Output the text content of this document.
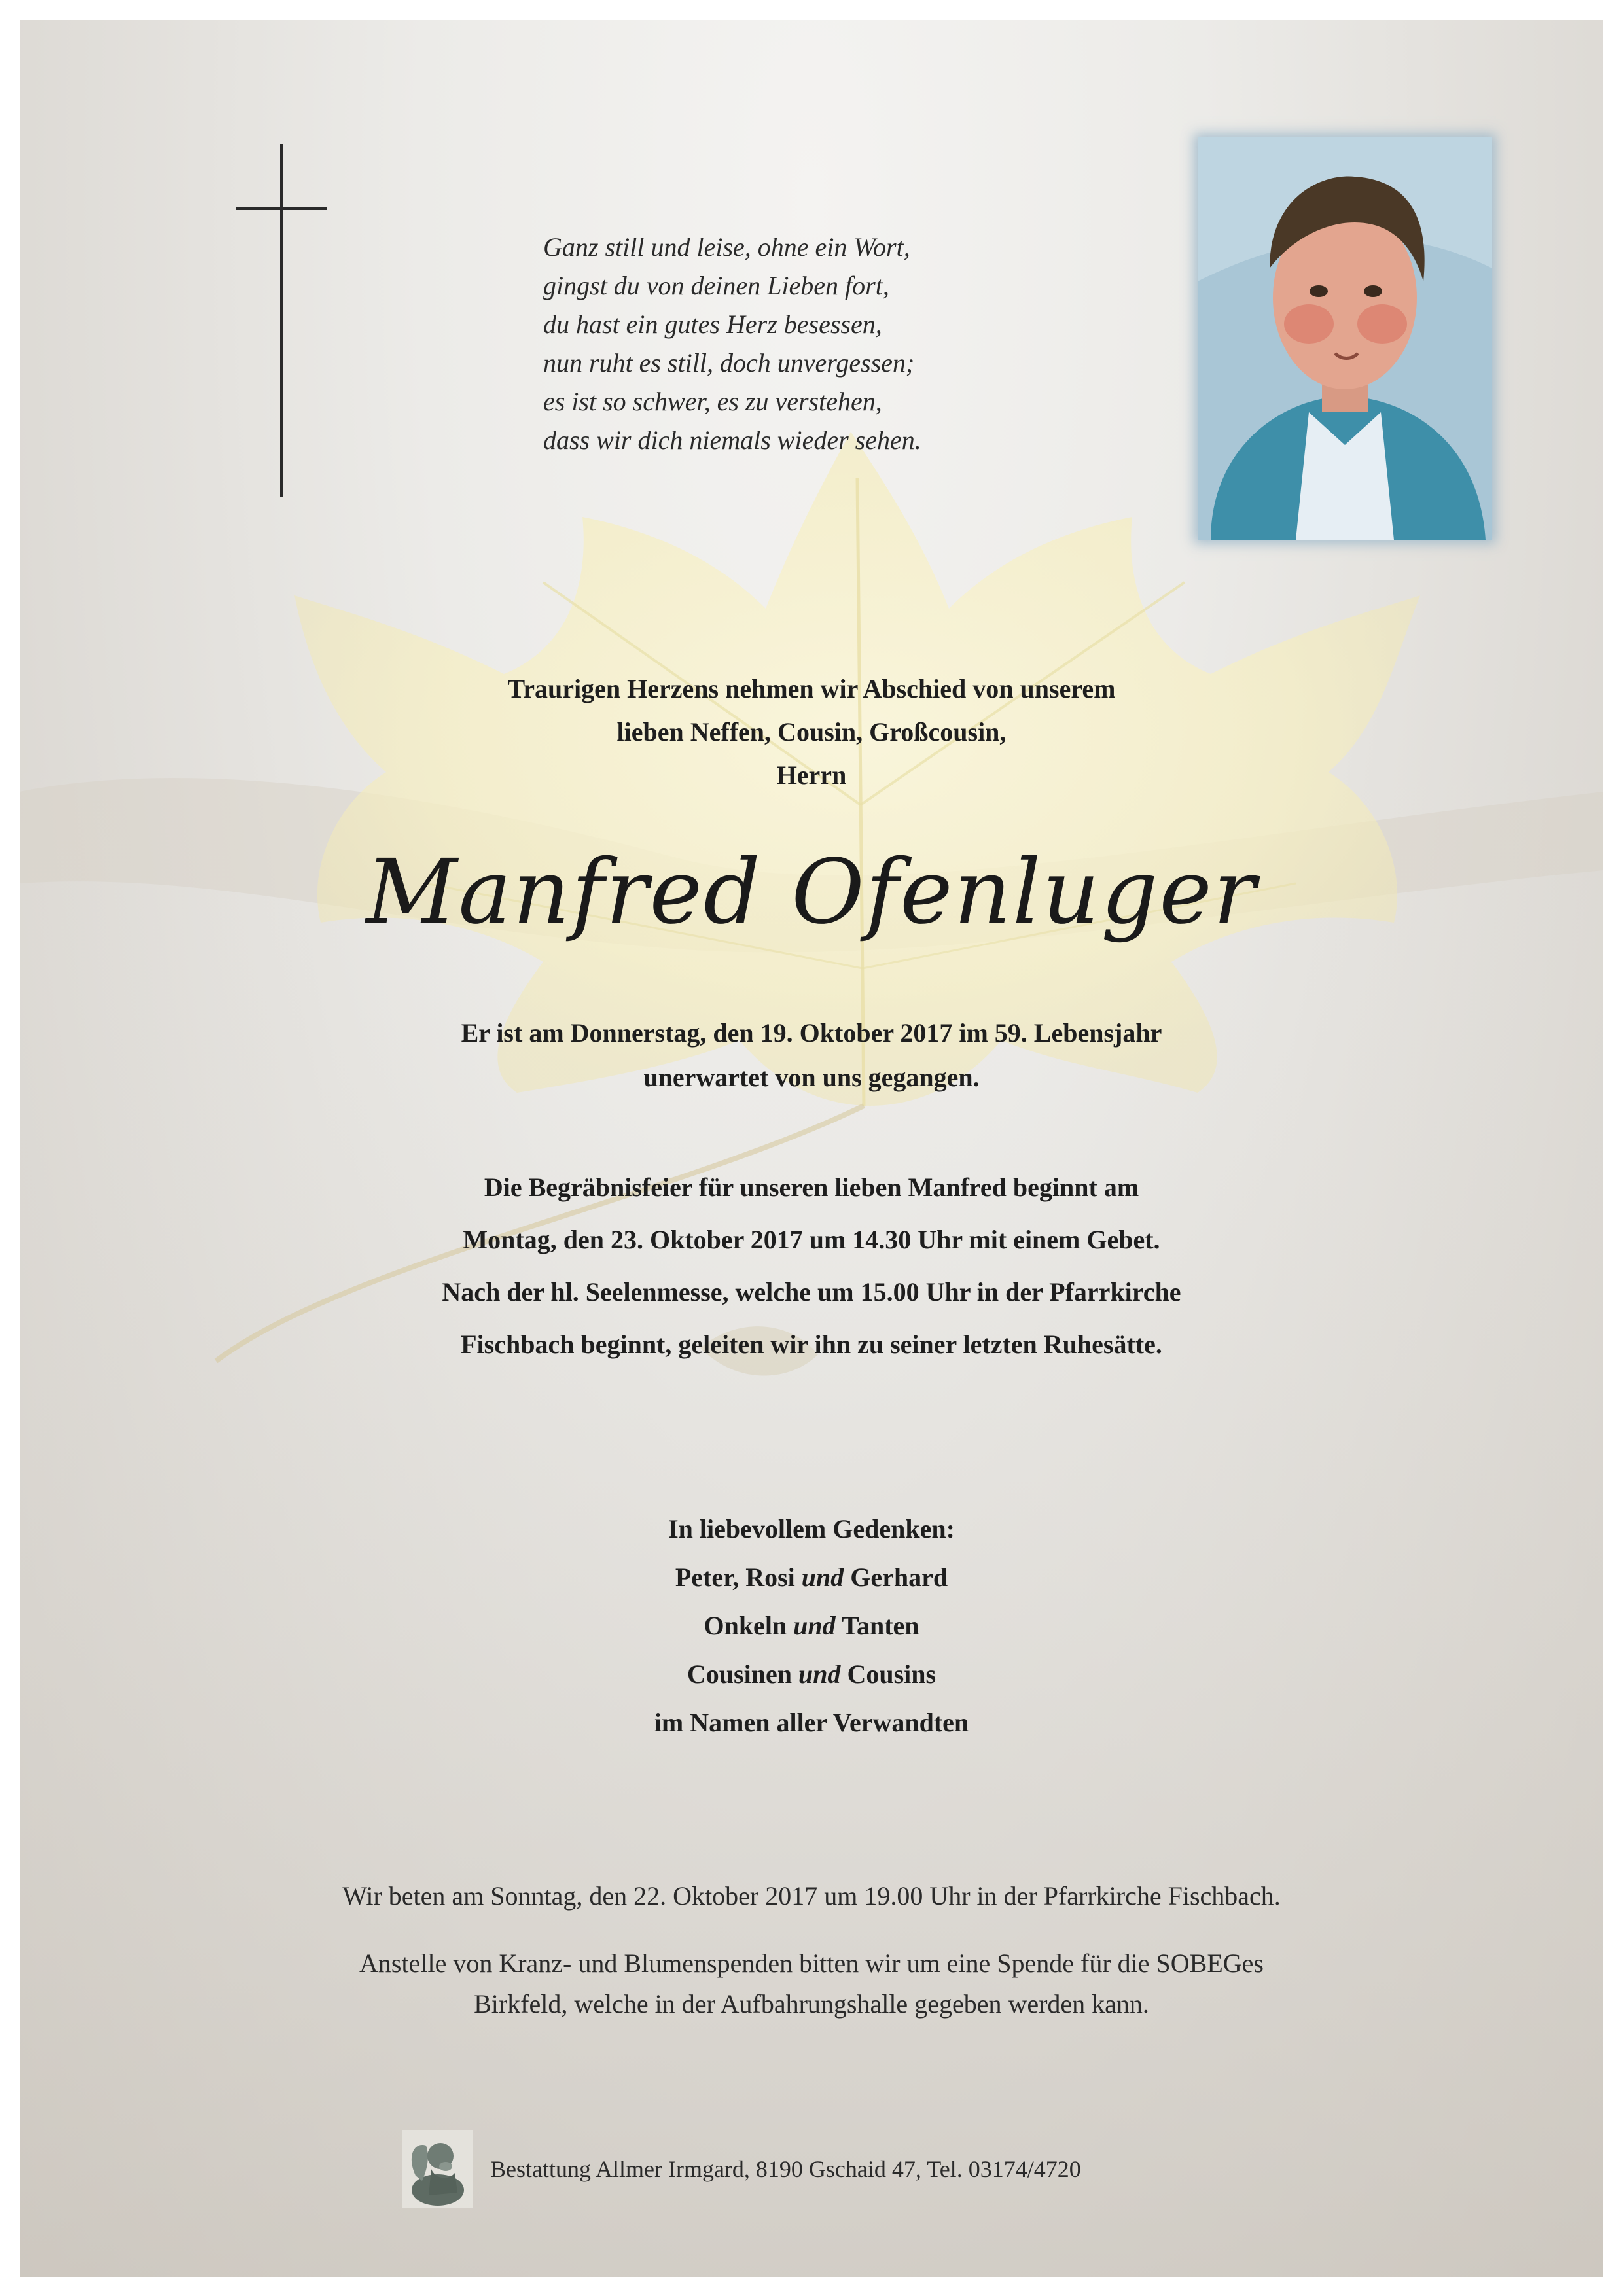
Ganz still und leise, ohne ein Wort,
gingst du von deinen Lieben fort,
du hast ein gutes Herz besessen,
nun ruht es still, doch unvergessen;
es ist so schwer, es zu verstehen,
dass wir dich niemals wieder sehen.
Traurigen Herzens nehmen wir Abschied von unserem
lieben Neffen, Cousin, Großcousin,
Herrn
Manfred Ofenluger
Er ist am Donnerstag, den 19. Oktober 2017 im 59. Lebensjahr
unerwartet von uns gegangen.
Die Begräbnisfeier für unseren lieben Manfred beginnt am
Montag, den 23. Oktober 2017 um 14.30 Uhr mit einem Gebet.
Nach der hl. Seelenmesse, welche um 15.00 Uhr in der Pfarrkirche
Fischbach beginnt, geleiten wir ihn zu seiner letzten Ruhesätte.
In liebevollem Gedenken:
Peter, Rosi und Gerhard
Onkeln und Tanten
Cousinen und Cousins
im Namen aller Verwandten
Wir beten am Sonntag, den 22. Oktober 2017 um 19.00 Uhr in der Pfarrkirche Fischbach.
Anstelle von Kranz- und Blumenspenden bitten wir um eine Spende für die SOBEGes
Birkfeld, welche in der Aufbahrungshalle gegeben werden kann.
Bestattung Allmer Irmgard, 8190 Gschaid 47, Tel. 03174/4720
